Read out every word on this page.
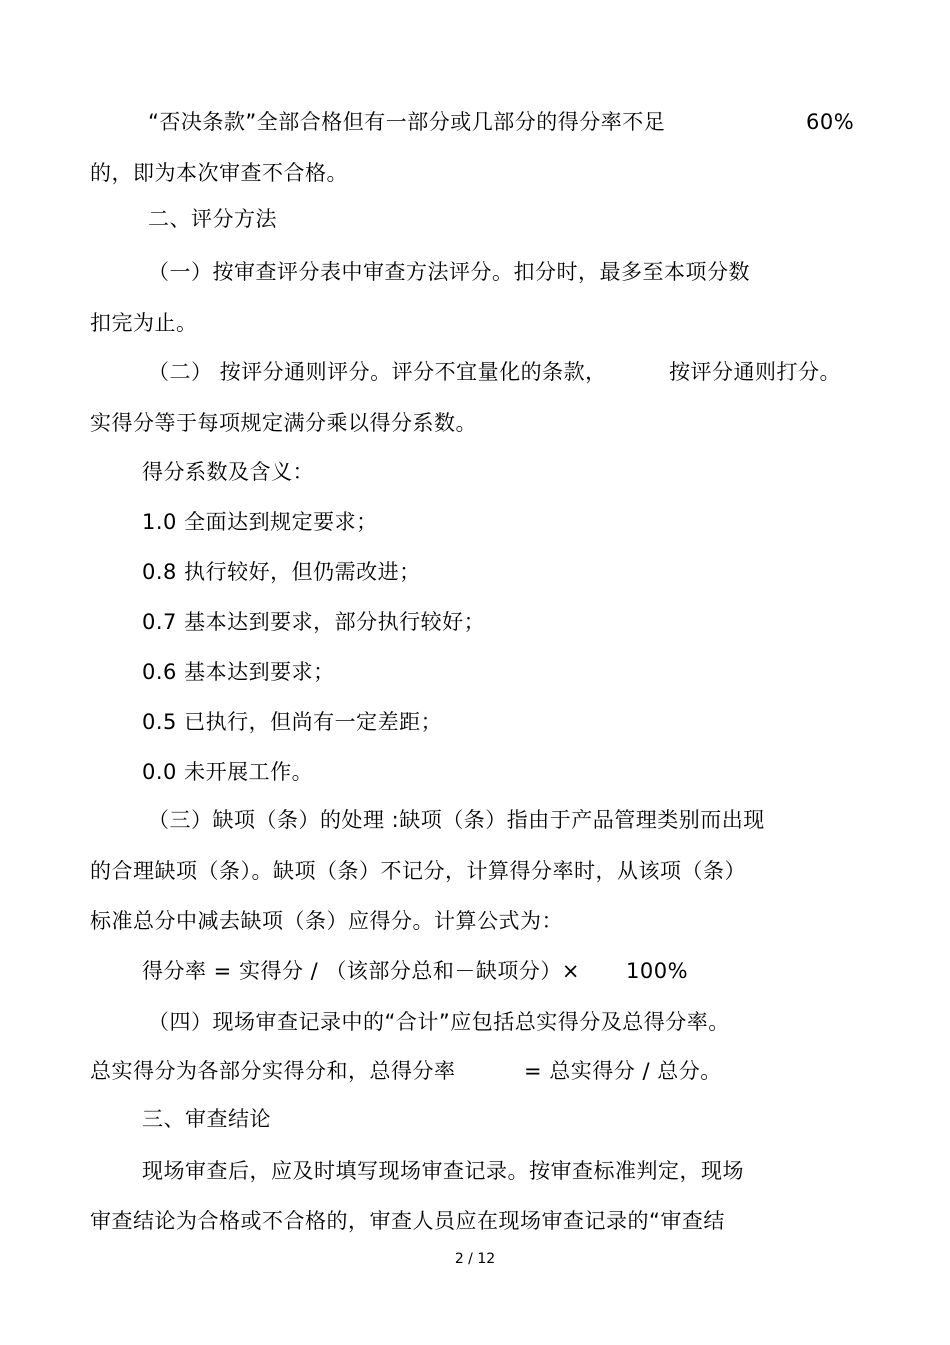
“否决条款”全部合格但有一部分或几部分的得分率不足	60%
的，即为本次审查不合格。
二、评分方法
（一）按审查评分表中审查方法评分。扣分时，最多至本项分数
扣完为止。
（二） 按评分通则评分。评分不宜量化的条款，	按评分通则打分。
实得分等于每项规定满分乘以得分系数。
得分系数及含义：
1.0 全面达到规定要求；
0.8 执行较好，但仍需改进；
0.7 基本达到要求，部分执行较好；
0.6 基本达到要求；
0.5 已执行，但尚有一定差距；
0.0 未开展工作。
（三）缺项（条）的处理 :缺项（条）指由于产品管理类别而出现
的合理缺项（条）。缺项（条）不记分，计算得分率时，从该项（条）
标准总分中减去缺项（条）应得分。计算公式为：
得分率 = 实得分 / （该部分总和－缺项分）× 100%
（四）现场审查记录中的“合计”应包括总实得分及总得分率。
总实得分为各部分实得分和，总得分率	= 总实得分 / 总分。
三、审查结论
现场审查后，应及时填写现场审查记录。按审查标准判定，现场
审查结论为合格或不合格的，审查人员应在现场审查记录的“审查结
2 / 12
